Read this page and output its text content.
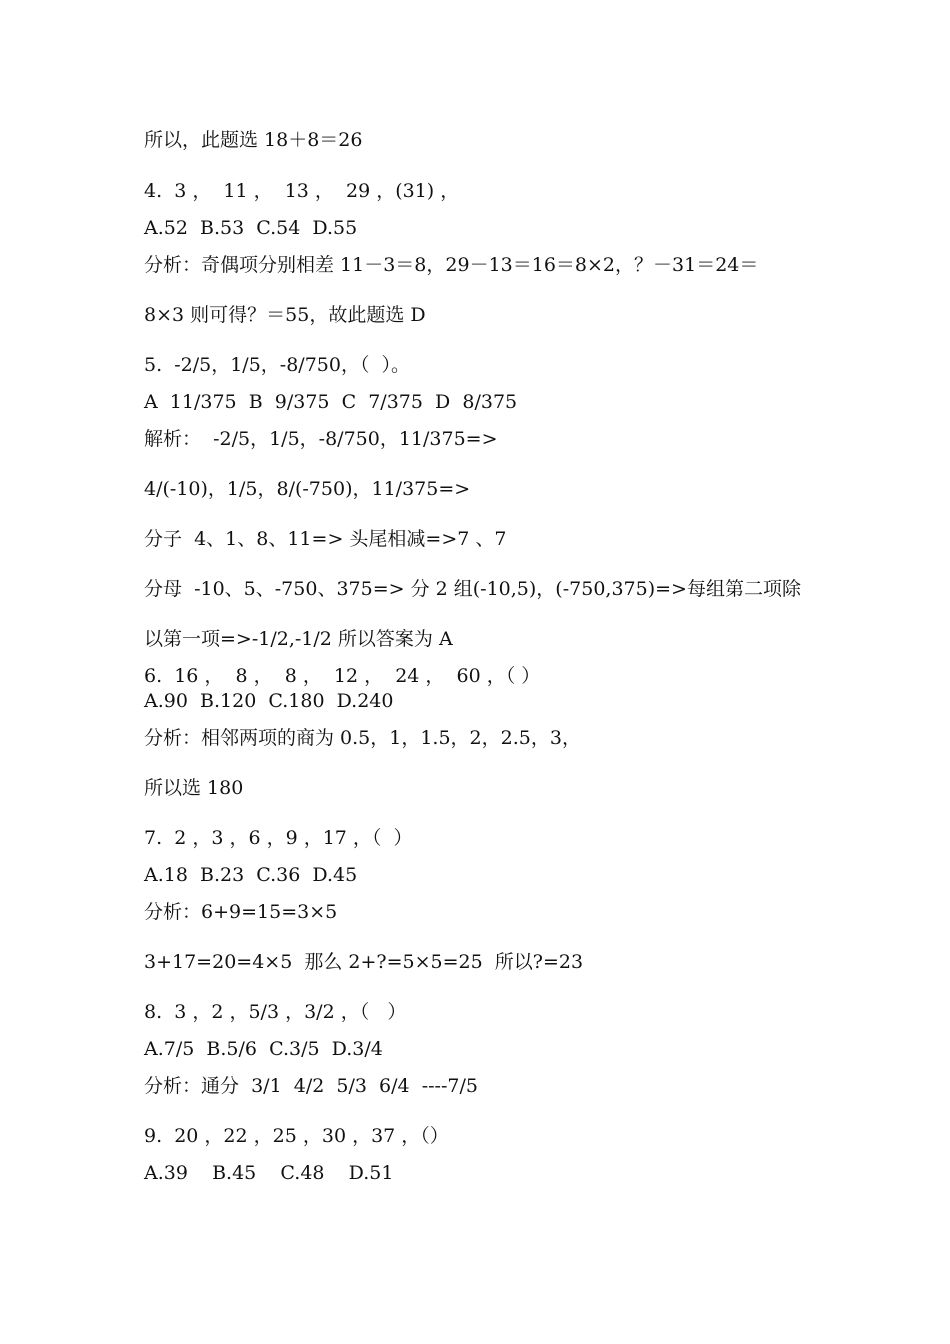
所以，此题选 18＋8＝26
4.  3 ，  11 ，  13 ，  29 ，(31) ，
A.52  B.53  C.54  D.55
分析：奇偶项分别相差 11－3＝8，29－13＝16＝8×2，？－31＝24＝
8×3 则可得？＝55，故此题选 D
5.  -2/5，1/5，-8/750，（  ）。
A  11/375  B  9/375  C  7/375  D  8/375
解析：  -2/5，1/5，-8/750，11/375=>
4/(-10)，1/5，8/(-750)，11/375=>
分子  4、1、8、11=> 头尾相减=>7 、7
分母  -10、5、-750、375=> 分 2 组(-10,5)，(-750,375)=>每组第二项除
以第一项=>-1/2,-1/2 所以答案为 A
6.  16 ，  8 ，  8 ，  12 ，  24 ，  60 ，（ ）
A.90  B.120  C.180  D.240
分析：相邻两项的商为 0.5，1，1.5，2，2.5，3，
所以选 180
7.  2 ，3 ，6 ，9 ，17 ，（  ）
A.18  B.23  C.36  D.45
分析：6+9=15=3×5
3+17=20=4×5  那么 2+?=5×5=25  所以?=23
8.  3 ，2 ，5/3 ，3/2 ，（   ）
A.7/5  B.5/6  C.3/5  D.3/4
分析：通分  3/1  4/2  5/3  6/4  ----7/5
9.  20 ，22 ，25 ，30 ，37 ，（）
A.39    B.45    C.48    D.51
